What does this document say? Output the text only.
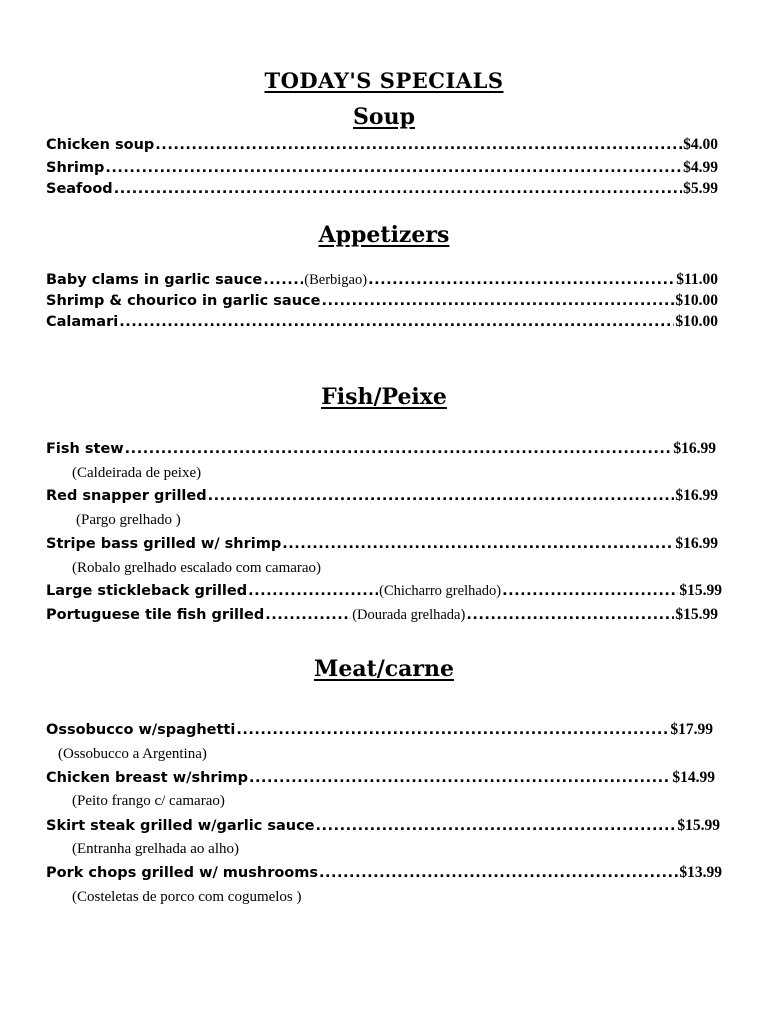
TODAY'S SPECIALS
Soup
Chicken soup .....	$4.00
Shrimp .....	$4.99
Seafood .....	$5.99
Appetizers
Baby clams in garlic sauce .....	(Berbigao) .....	$11.00
Shrimp & chourico in garlic sauce .....	$10.00
Calamari .....	$10.00
Fish/Peixe
Fish stew .....	$16.99
(Caldeirada de peixe)
Red snapper grilled .....	$16.99
(Pargo grelhado )
Stripe bass grilled w/ shrimp .....	$16.99
(Robalo grelhado escalado com camarao)
Large stickleback grilled .....	(Chicharro grelhado) .....	$15.99
Portuguese tile fish grilled .....	(Dourada grelhada) .....	$15.99
Meat/carne
Ossobucco w/spaghetti .....	$17.99
(Ossobucco a Argentina)
Chicken breast w/shrimp .....	$14.99
(Peito frango c/ camarao)
Skirt steak grilled w/garlic sauce .....	$15.99
(Entranha grelhada ao alho)
Pork chops grilled w/ mushrooms .....	$13.99
(Costeletas de porco com cogumelos )
